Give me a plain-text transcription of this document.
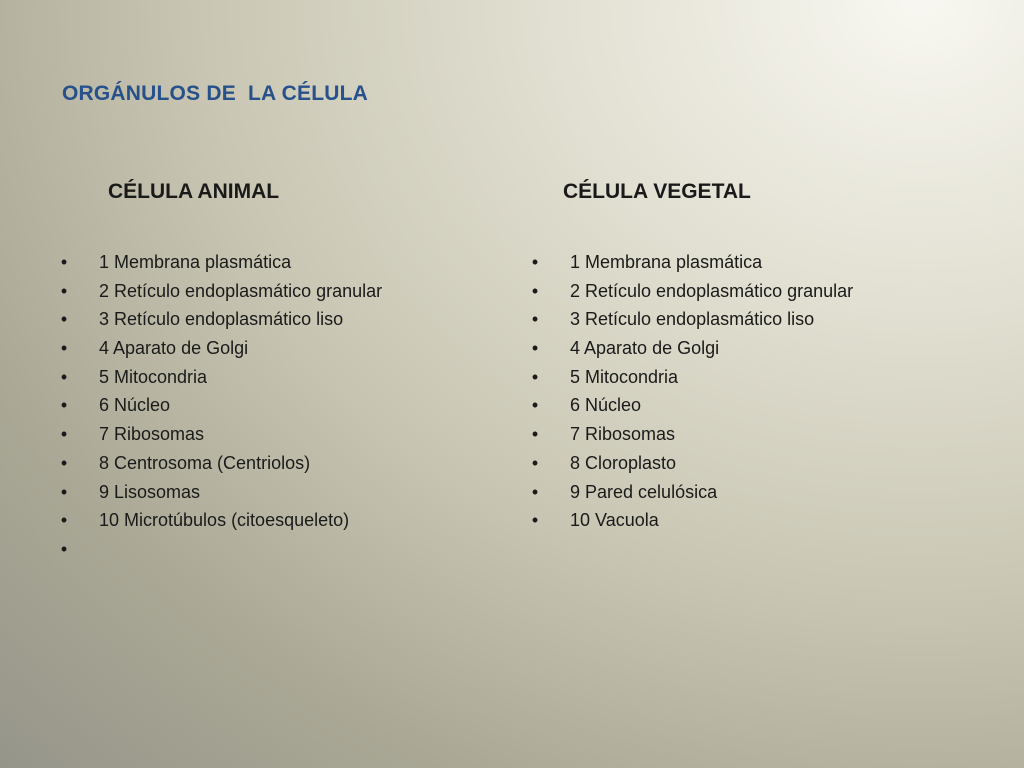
ORGÁNULOS DE  LA CÉLULA
CÉLULA ANIMAL	CÉLULA VEGETAL
• 1 Membrana plasmática
• 2 Retículo endoplasmático granular
• 3 Retículo endoplasmático liso
• 4 Aparato de Golgi
• 5 Mitocondria
• 6 Núcleo
• 7 Ribosomas
• 8 Centrosoma (Centriolos)
• 9 Lisosomas
• 10 Microtúbulos (citoesqueleto)
•
• 1 Membrana plasmática
• 2 Retículo endoplasmático granular
• 3 Retículo endoplasmático liso
• 4 Aparato de Golgi
• 5 Mitocondria
• 6 Núcleo
• 7 Ribosomas
• 8 Cloroplasto
• 9 Pared celulósica
• 10 Vacuola
